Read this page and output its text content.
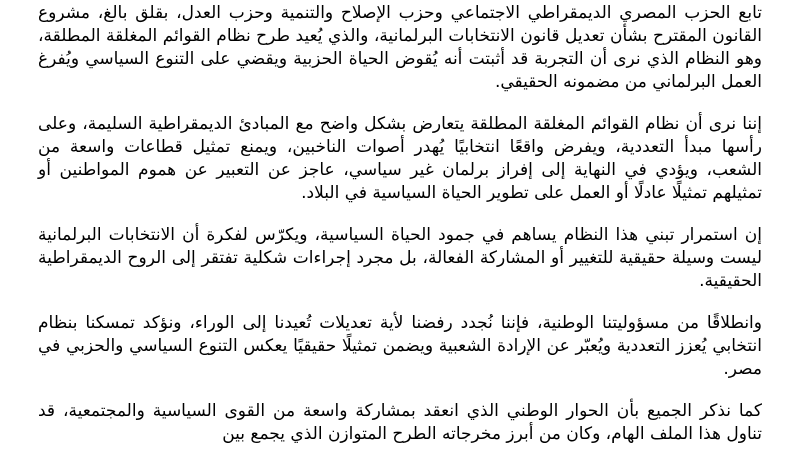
تابع الحزب المصري الديمقراطي الاجتماعي وحزب الإصلاح والتنمية وحزب العدل، بقلق بالغ، مشروع القانون المقترح بشأن تعديل قانون الانتخابات البرلمانية، والذي يُعيد طرح نظام القوائم المغلقة المطلقة، وهو النظام الذي نرى أن التجربة قد أثبتت أنه يُقوض الحياة الحزبية ويقضي على التنوع السياسي ويُفرغ العمل البرلماني من مضمونه الحقيقي.

إننا نرى أن نظام القوائم المغلقة المطلقة يتعارض بشكل واضح مع المبادئ الديمقراطية السليمة، وعلى رأسها مبدأ التعددية، ويفرض واقعًا انتخابيًا يُهدر أصوات الناخبين، ويمنع تمثيل قطاعات واسعة من الشعب، ويؤدي في النهاية إلى إفراز برلمان غير سياسي، عاجز عن التعبير عن هموم المواطنين أو تمثيلهم تمثيلًا عادلًا أو العمل على تطوير الحياة السياسية في البلاد.

إن استمرار تبني هذا النظام يساهم في جمود الحياة السياسية، ويكرّس لفكرة أن الانتخابات البرلمانية ليست وسيلة حقيقية للتغيير أو المشاركة الفعالة، بل مجرد إجراءات شكلية تفتقر إلى الروح الديمقراطية الحقيقية.

وانطلاقًا من مسؤوليتنا الوطنية، فإننا نُجدد رفضنا لأية تعديلات تُعيدنا إلى الوراء، ونؤكد تمسكنا بنظام انتخابي يُعزز التعددية ويُعبّر عن الإرادة الشعبية ويضمن تمثيلًا حقيقيًا يعكس التنوع السياسي والحزبي في مصر.

كما نذكر الجميع بأن الحوار الوطني الذي انعقد بمشاركة واسعة من القوى السياسية والمجتمعية، قد تناول هذا الملف الهام، وكان من أبرز مخرجاته الطرح المتوازن الذي يجمع بين
